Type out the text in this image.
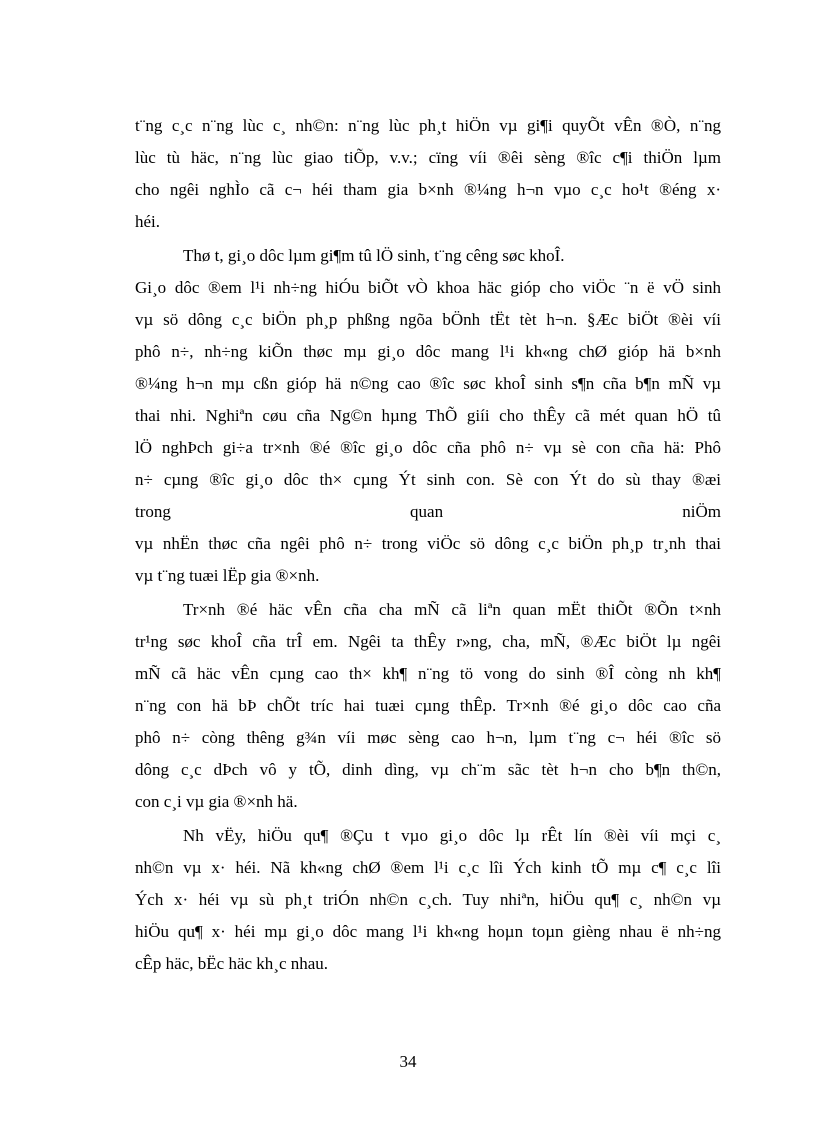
t¨ng c¸c n¨ng lùc c¸ nh©n: n¨ng lùc ph¸t hiÖn vµ gi¶i quyÕt vÊn ®Ò, n¨ng
lùc tù häc, n¨ng lùc giao tiÕp, v.v.; cïng víi ®êi sèng ®îc c¶i thiÖn lµm
cho ngêi nghÌo cã c¬ héi tham gia b×nh ®¼ng h¬n vµo c¸c ho¹t ®éng x·
héi.
Thø t, gi¸o dôc lµm gi¶m tû lÖ sinh, t¨ng cêng søc khoÎ.
Gi¸o dôc ®em l¹i nh÷ng hiÓu biÕt vÒ khoa häc gióp cho viÖc ¨n ë vÖ sinh
vµ sö dông c¸c biÖn ph¸p phßng ngõa bÖnh tËt tèt h¬n. §Æc biÖt ®èi víi
phô n÷, nh÷ng kiÕn thøc mµ gi¸o dôc mang l¹i kh«ng chØ gióp hä b×nh
®¼ng h¬n mµ cßn gióp hä n©ng cao ®îc søc khoÎ sinh s¶n cña b¶n mÑ vµ
thai nhi. Nghiªn cøu cña Ng©n hµng ThÕ giíi cho thÊy cã mét quan hÖ tû
lÖ nghÞch gi÷a tr×nh ®é ®îc gi¸o dôc cña phô n÷ vµ sè con cña hä: Phô
n÷ cµng ®îc gi¸o dôc th× cµng Ýt sinh con. Sè con Ýt do sù thay ®æi
trong quan niÖm
vµ nhËn thøc cña ngêi phô n÷ trong viÖc sö dông c¸c biÖn ph¸p tr¸nh thai
vµ t¨ng tuæi lËp gia ®×nh.
Tr×nh ®é häc vÊn cña cha mÑ cã liªn quan mËt thiÕt ®Õn t×nh
tr¹ng søc khoÎ cña trÎ em. Ngêi ta thÊy r»ng, cha, mÑ, ®Æc biÖt lµ ngêi
mÑ cã häc vÊn cµng cao th× kh¶ n¨ng tö vong do sinh ®Î còng nh kh¶
n¨ng con hä bÞ chÕt tríc hai tuæi cµng thÊp. Tr×nh ®é gi¸o dôc cao cña
phô n÷ còng thêng g¾n víi møc sèng cao h¬n, lµm t¨ng c¬ héi ®îc sö
dông c¸c dÞch vô y tÕ, dinh dìng, vµ ch¨m sãc tèt h¬n cho b¶n th©n,
con c¸i vµ gia ®×nh hä.
Nh vËy, hiÖu qu¶ ®Çu t vµo gi¸o dôc lµ rÊt lín ®èi víi mçi c¸
nh©n vµ x· héi. Nã kh«ng chØ ®em l¹i c¸c lîi Ých kinh tÕ mµ c¶ c¸c lîi
Ých x· héi vµ sù ph¸t triÓn nh©n c¸ch. Tuy nhiªn, hiÖu qu¶ c¸ nh©n vµ
hiÖu qu¶ x· héi mµ gi¸o dôc mang l¹i kh«ng hoµn toµn gièng nhau ë nh÷ng
cÊp häc, bËc häc kh¸c nhau.
34
